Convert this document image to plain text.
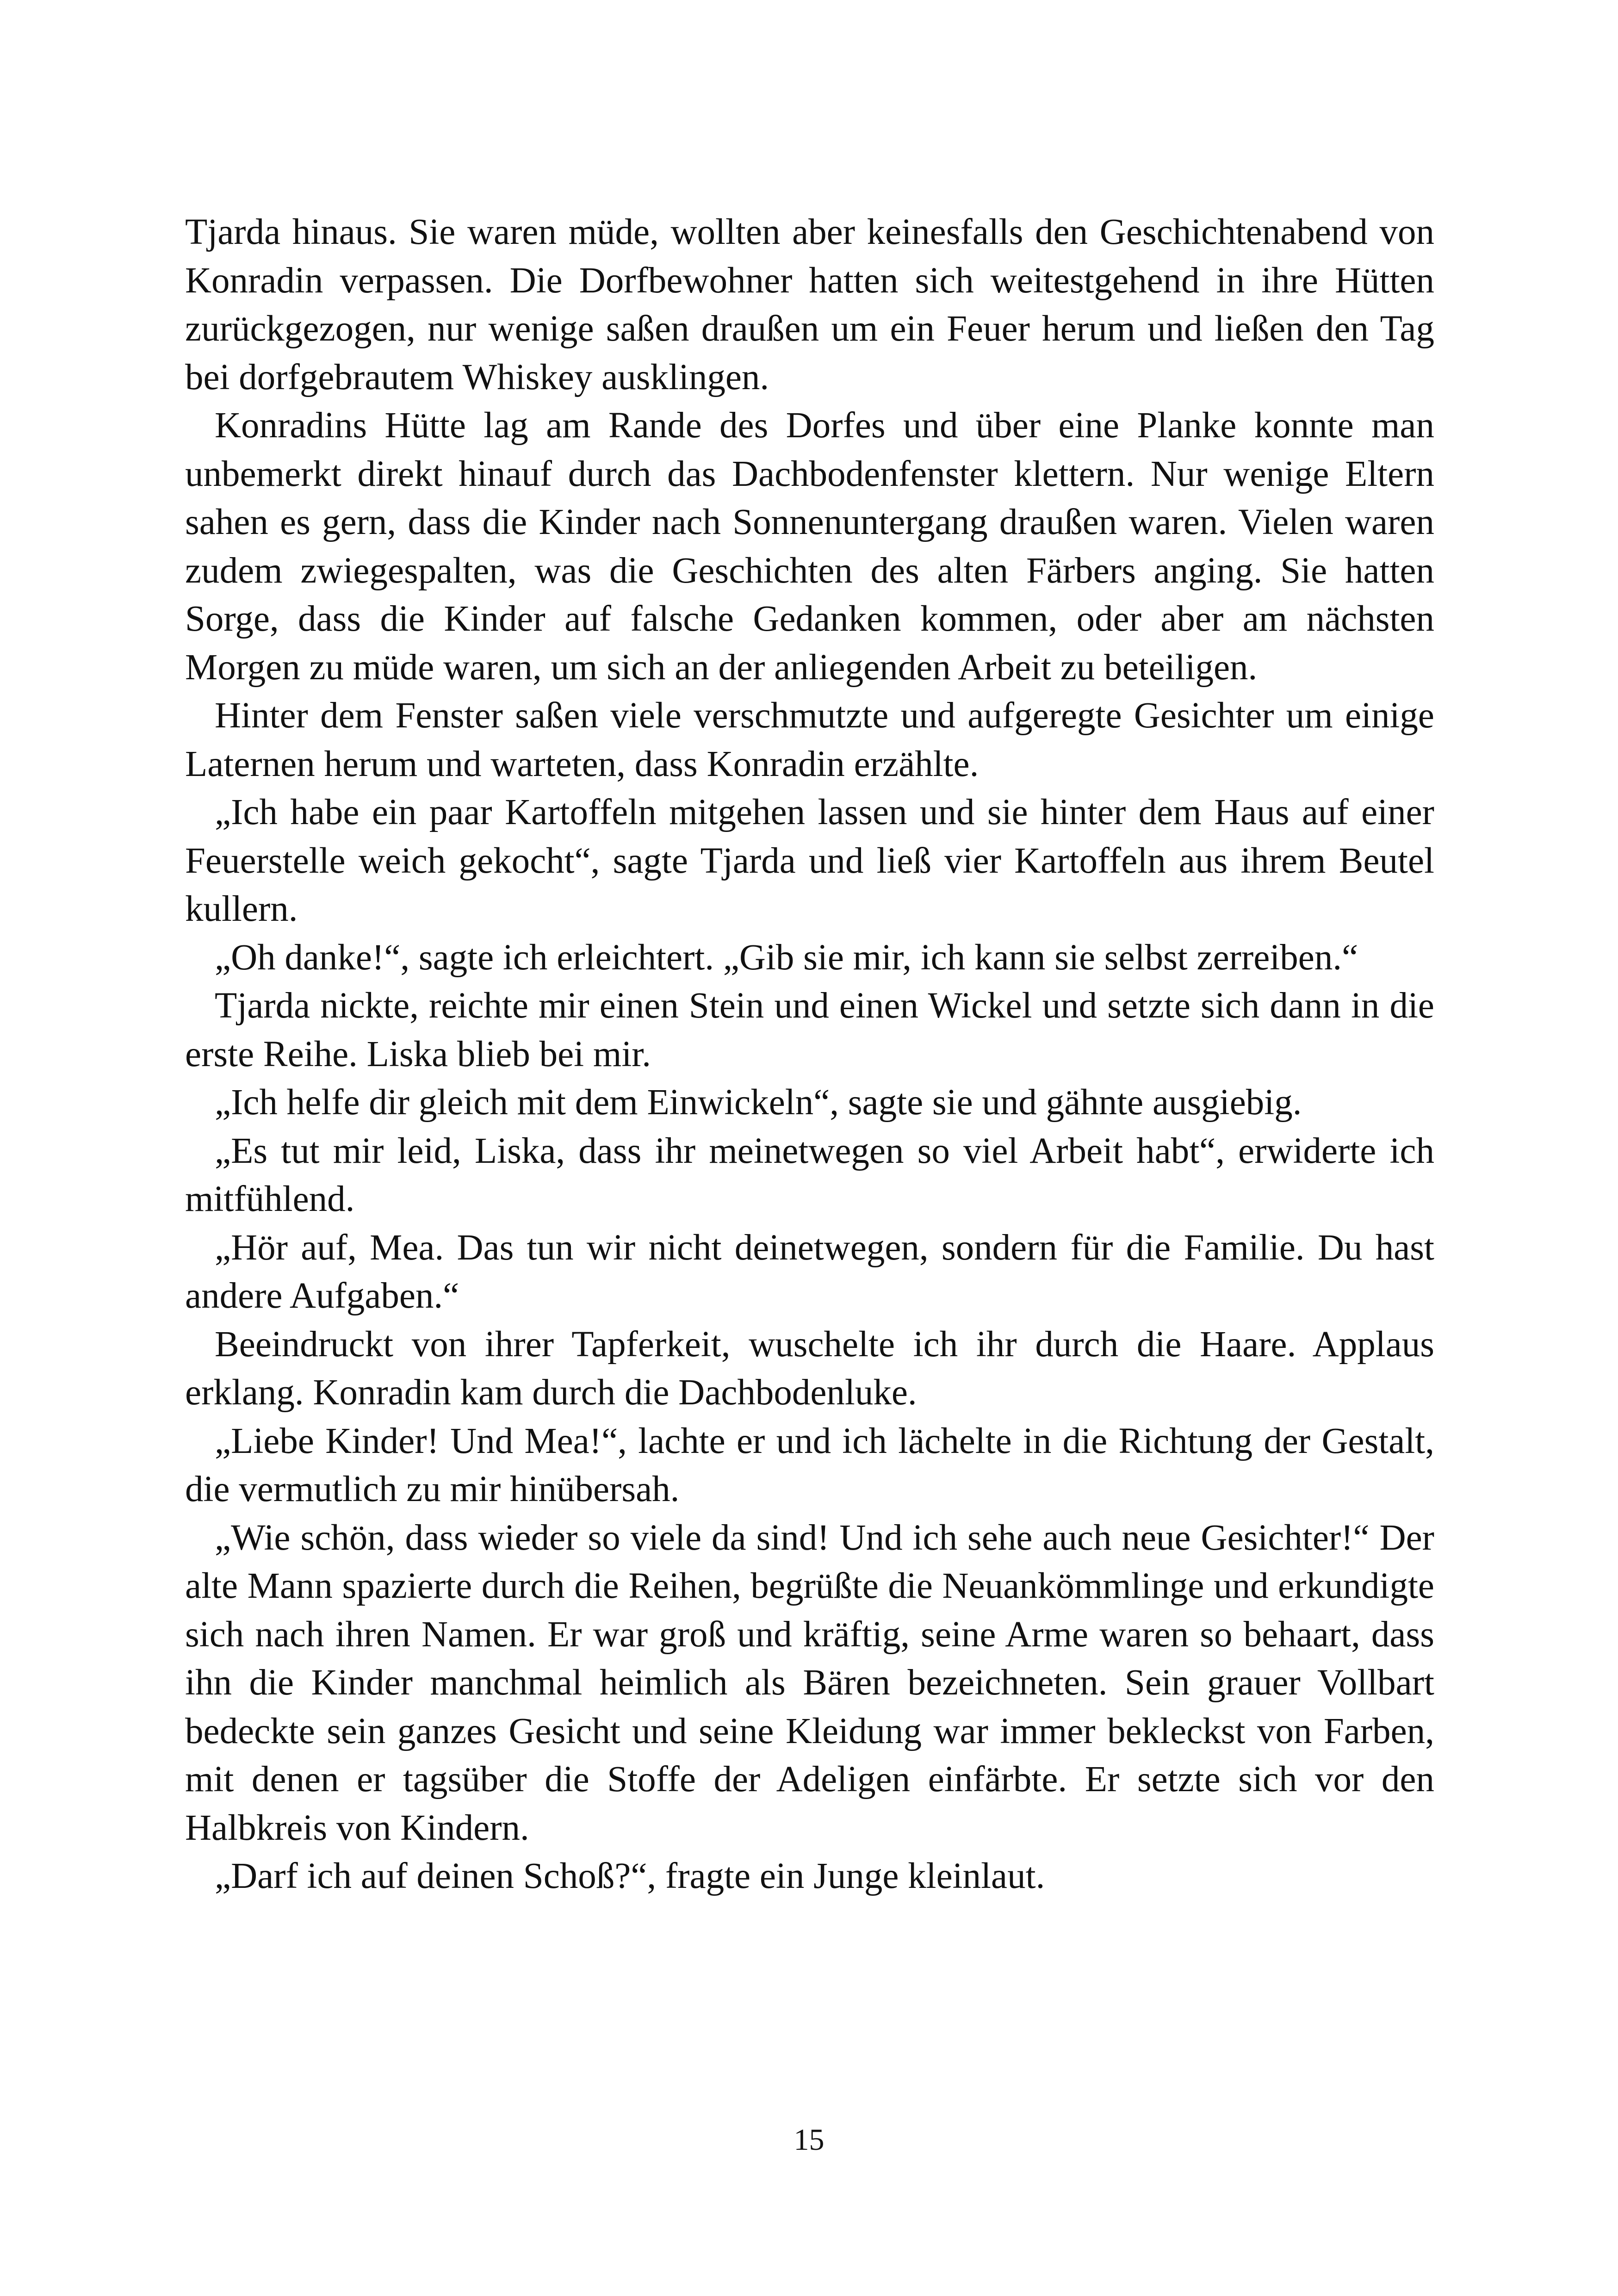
Tjarda hinaus. Sie waren müde, wollten aber keinesfalls den Geschichtenabend von Konradin verpassen. Die Dorfbewohner hatten sich weitestgehend in ihre Hütten zurückgezogen, nur wenige saßen draußen um ein Feuer herum und ließen den Tag bei dorfgebrautem Whiskey ausklingen.

Konradins Hütte lag am Rande des Dorfes und über eine Planke konnte man unbemerkt direkt hinauf durch das Dachbodenfenster klettern. Nur wenige Eltern sahen es gern, dass die Kinder nach Sonnenuntergang draußen waren. Vielen waren zudem zwiegespalten, was die Geschichten des alten Färbers anging. Sie hatten Sorge, dass die Kinder auf falsche Gedanken kommen, oder aber am nächsten Morgen zu müde waren, um sich an der anliegenden Arbeit zu beteiligen.

Hinter dem Fenster saßen viele verschmutzte und aufgeregte Gesichter um einige Laternen herum und warteten, dass Konradin erzählte.

„Ich habe ein paar Kartoffeln mitgehen lassen und sie hinter dem Haus auf einer Feuerstelle weich gekocht“, sagte Tjarda und ließ vier Kartoffeln aus ihrem Beutel kullern.

„Oh danke!“, sagte ich erleichtert. „Gib sie mir, ich kann sie selbst zerreiben.“

Tjarda nickte, reichte mir einen Stein und einen Wickel und setzte sich dann in die erste Reihe. Liska blieb bei mir.

„Ich helfe dir gleich mit dem Einwickeln“, sagte sie und gähnte ausgiebig.

„Es tut mir leid, Liska, dass ihr meinetwegen so viel Arbeit habt“, erwiderte ich mitfühlend.

„Hör auf, Mea. Das tun wir nicht deinetwegen, sondern für die Familie. Du hast andere Aufgaben.“

Beeindruckt von ihrer Tapferkeit, wuschelte ich ihr durch die Haare. Applaus erklang. Konradin kam durch die Dachbodenluke.

„Liebe Kinder! Und Mea!“, lachte er und ich lächelte in die Richtung der Gestalt, die vermutlich zu mir hinübersah.

„Wie schön, dass wieder so viele da sind! Und ich sehe auch neue Gesichter!“ Der alte Mann spazierte durch die Reihen, begrüßte die Neuankömmlinge und erkundigte sich nach ihren Namen. Er war groß und kräftig, seine Arme waren so behaart, dass ihn die Kinder manchmal heimlich als Bären bezeichneten. Sein grauer Vollbart bedeckte sein ganzes Gesicht und seine Kleidung war immer bekleckst von Farben, mit denen er tagsüber die Stoffe der Adeligen einfärbte. Er setzte sich vor den Halbkreis von Kindern.

„Darf ich auf deinen Schoß?“, fragte ein Junge kleinlaut.

15
